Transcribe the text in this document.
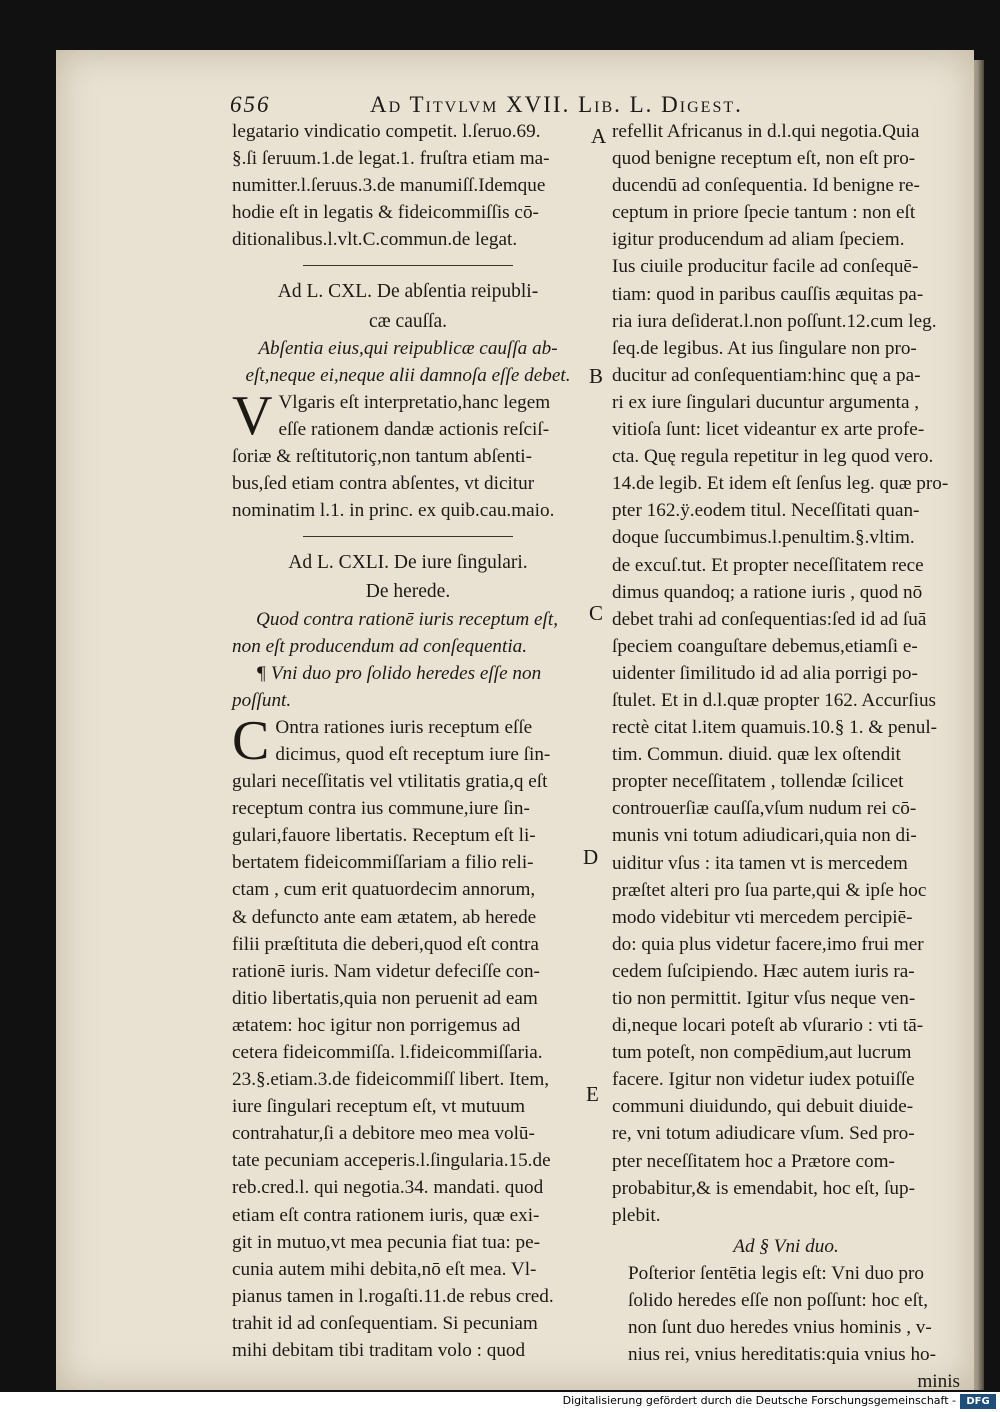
656	Ad Titvlvm XVII. Lib. L. Digest.

legatario vindicatio competit. l.ſeruo.69.

§.ſi ſeruum.1.de legat.1. fruſtra etiam ma-

numitter.l.ſeruus.3.de manumiſſ.Idemque

hodie eſt in legatis & fideicommiſſis cō-

ditionalibus.l.vlt.C.commun.de legat.

Ad L. CXL. De abſentia reipubli-

cæ cauſſa.

Abſentia eius,qui reipublicæ cauſſa ab-

eſt,neque ei,neque alii damnoſa eſſe debet.

V Vlgaris eſt interpretatio,hanc legem

eſſe rationem dandæ actionis reſciſ-

ſoriæ & reſtitutoriç,non tantum abſenti-

bus,ſed etiam contra abſentes, vt dicitur

nominatim l.1. in princ. ex quib.cau.maio.

Ad L. CXLI. De iure ſingulari.

De herede.

Quod contra rationē iuris receptum eſt,

non eſt producendum ad conſequentia.

¶ Vni duo pro ſolido heredes eſſe non

poſſunt.

C Ontra rationes iuris receptum eſſe

dicimus, quod eſt receptum iure ſin-

gulari neceſſitatis vel vtilitatis gratia,q eſt

receptum contra ius commune,iure ſin-

gulari,fauore libertatis. Receptum eſt li-

bertatem fideicommiſſariam a filio reli-

ctam , cum erit quatuordecim annorum,

& defuncto ante eam ætatem, ab herede

filii præſtituta die deberi,quod eſt contra

rationē iuris. Nam videtur defeciſſe con-

ditio libertatis,quia non peruenit ad eam

ætatem: hoc igitur non porrigemus ad

cetera fideicommiſſa. l.fideicommiſſaria.

23.§.etiam.3.de fideicommiſſ libert. Item,

iure ſingulari receptum eſt, vt mutuum

contrahatur,ſi a debitore meo mea volū-

tate pecuniam acceperis.l.ſingularia.15.de

reb.cred.l. qui negotia.34. mandati. quod

etiam eſt contra rationem iuris, quæ exi-

git in mutuo,vt mea pecunia fiat tua: pe-

cunia autem mihi debita,nō eſt mea. Vl-

pianus tamen in l.rogaſti.11.de rebus cred.

trahit id ad conſequentiam. Si pecuniam

mihi debitam tibi traditam volo : quod

refellit Africanus in d.l.qui negotia.Quia

quod benigne receptum eſt, non eſt pro-

ducendū ad conſequentia. Id benigne re-

ceptum in priore ſpecie tantum : non eſt

igitur producendum ad aliam ſpeciem.

Ius ciuile producitur facile ad conſequē-

tiam: quod in paribus cauſſis æquitas pa-

ria iura deſiderat.l.non poſſunt.12.cum leg.

ſeq.de legibus. At ius ſingulare non pro-

ducitur ad conſequentiam:hinc quę a pa-

ri ex iure ſingulari ducuntur argumenta ,

vitioſa ſunt: licet videantur ex arte profe-

cta. Quę regula repetitur in leg quod vero.

14.de legib. Et idem eſt ſenſus leg. quæ pro-

pter 162.ÿ.eodem titul. Neceſſitati quan-

doque ſuccumbimus.l.penultim.§.vltim.

de excuſ.tut. Et propter neceſſitatem rece

dimus quandoq; a ratione iuris , quod nō

debet trahi ad conſequentias:ſed id ad ſuā

ſpeciem coanguſtare debemus,etiamſi e-

uidenter ſimilitudo id ad alia porrigi po-

ſtulet. Et in d.l.quæ propter 162. Accurſius

rectè citat l.item quamuis.10.§ 1. & penul-

tim. Commun. diuid. quæ lex oſtendit

propter neceſſitatem , tollendæ ſcilicet

controuerſiæ cauſſa,vſum nudum rei cō-

munis vni totum adiudicari,quia non di-

uiditur vſus : ita tamen vt is mercedem

præſtet alteri pro ſua parte,qui & ipſe hoc

modo videbitur vti mercedem percipiē-

do: quia plus videtur facere,imo frui mer

cedem ſuſcipiendo. Hæc autem iuris ra-

tio non permittit. Igitur vſus neque ven-

di,neque locari poteſt ab vſurario : vti tā-

tum poteſt, non compēdium,aut lucrum

facere. Igitur non videtur iudex potuiſſe

communi diuidundo, qui debuit diuide-

re, vni totum adiudicare vſum. Sed pro-

pter neceſſitatem hoc a Prætore com-

probabitur,& is emendabit, hoc eſt, ſup-

plebit.

Ad § Vni duo.

Poſterior ſentētia legis eſt: Vni duo pro

ſolido heredes eſſe non poſſunt: hoc eſt,

non ſunt duo heredes vnius hominis , v-

nius rei, vnius hereditatis:quia vnius ho-

minis

A
B
C
D
E
Digitalisierung gefördert durch die Deutsche Forschungsgemeinschaft -	DFG
